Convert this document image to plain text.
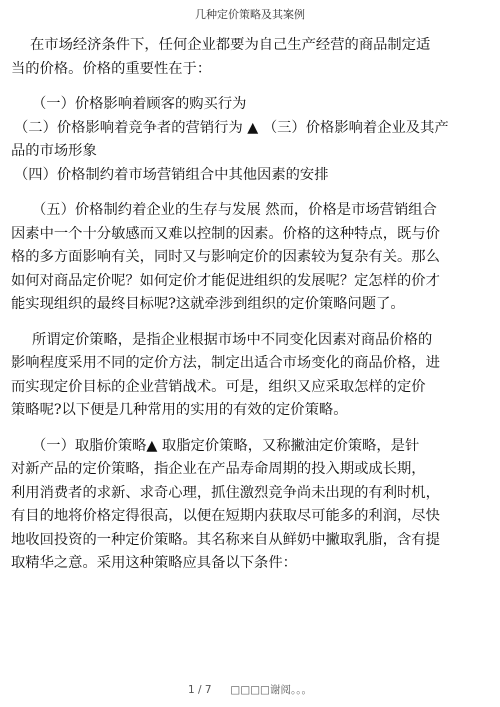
几种定价策略及其案例
在市场经济条件下，任何企业都要为自己生产经营的商品制定适
当的价格。价格的重要性在于：
（一）价格影响着顾客的购买行为
（二）价格影响着竞争者的营销行为 ▲ （三）价格影响着企业及其产
品的市场形象
（四）价格制约着市场营销组合中其他因素的安排
（五）价格制约着企业的生存与发展 然而，价格是市场营销组合
因素中一个十分敏感而又难以控制的因素。价格的这种特点，既与价
格的多方面影响有关，同时又与影响定价的因素较为复杂有关。那么
如何对商品定价呢？如何定价才能促进组织的发展呢？定怎样的价才
能实现组织的最终目标呢?这就牵涉到组织的定价策略问题了。
所谓定价策略，是指企业根据市场中不同变化因素对商品价格的
影响程度采用不同的定价方法，制定出适合市场变化的商品价格，进
而实现定价目标的企业营销战术。可是，组织又应采取怎样的定价
策略呢?以下便是几种常用的实用的有效的定价策略。
（一）取脂价策略▲ 取脂定价策略，又称撇油定价策略，是针
对新产品的定价策略，指企业在产品寿命周期的投入期或成长期，
利用消费者的求新、求奇心理，抓住激烈竞争尚未出现的有利时机，
有目的地将价格定得很高，以便在短期内获取尽可能多的利润，尽快
地收回投资的一种定价策略。其名称来自从鲜奶中撇取乳脂，含有提
取精华之意。采用这种策略应具备以下条件：
1 / 7 □□□□谢阅。。。
